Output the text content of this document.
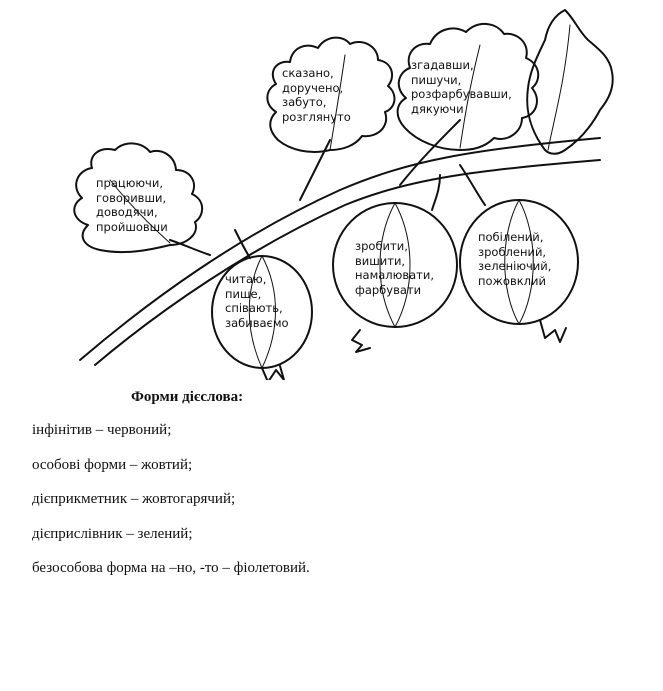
працюючи,
говоривши,
доводячи,
пройшовши
сказано,
доручено,
забуто,
розглянуто
згадавши,
пишучи,
розфарбувавши,
дякуючи
читаю,
пише,
співають,
забиваємо
зробити,
вишити,
намалювати,
фарбувати
побілений,
зроблений,
зеленіючий,
пожовклий
Форми дієслова:
інфінітив – червоний;
особові форми – жовтий;
дієприкметник – жовтогарячий;
дієприслівник – зелений;
безособова форма на –но, -то – фіолетовий.
